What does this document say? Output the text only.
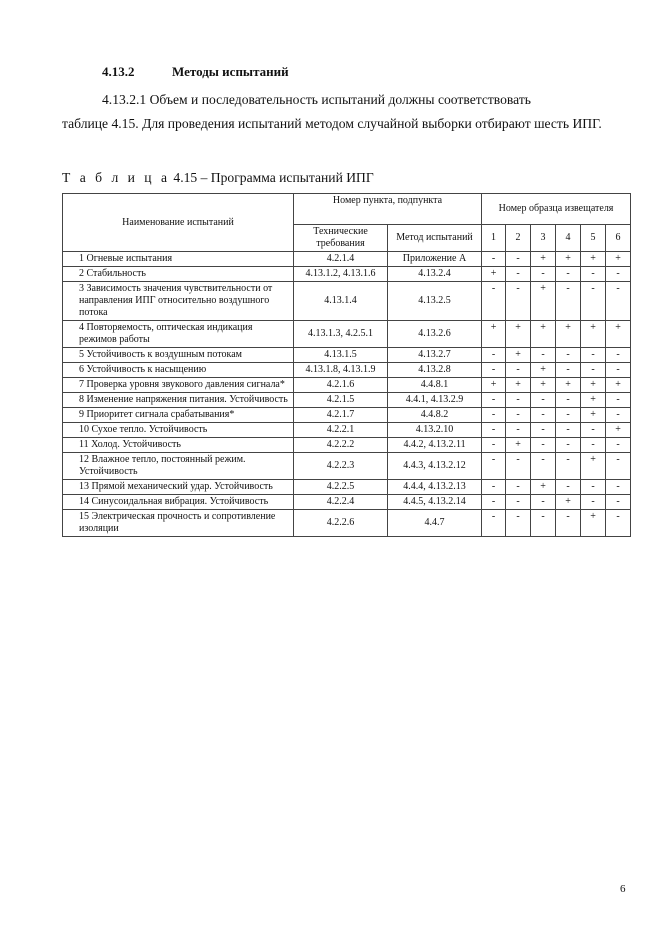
4.13.2	Методы испытаний
4.13.2.1 Объем и последовательность испытаний должны соответствовать
таблице 4.15. Для проведения испытаний методом случайной выборки отбирают шесть ИПГ.
Т а б л и ц а 4.15 – Программа испытаний ИПГ
Наименование испытаний	Номер пункта, подпункта		Номер образца извещателя					
	Технические требования	Метод испытаний	1	2	3	4	5	6
1 Огневые испытания	4.2.1.4	Приложение А	-	-	+	+	+	+
2 Стабильность	4.13.1.2, 4.13.1.6	4.13.2.4	+	-	-	-	-	-
3 Зависимость значения чувствительности от направления ИПГ относительно воздушного потока	4.13.1.4	4.13.2.5	-	-	+	-	-	-
4 Повторяемость, оптическая индикация режимов работы	4.13.1.3, 4.2.5.1	4.13.2.6	+	+	+	+	+	+
5 Устойчивость к воздушным потокам	4.13.1.5	4.13.2.7	-	+	-	-	-	-
6 Устойчивость к насыщению	4.13.1.8, 4.13.1.9	4.13.2.8	-	-	+	-	-	-
7 Проверка уровня звукового давления сигнала*	4.2.1.6	4.4.8.1	+	+	+	+	+	+
8 Изменение напряжения питания. Устойчивость	4.2.1.5	4.4.1, 4.13.2.9	-	-	-	-	+	-
9 Приоритет сигнала срабатывания*	4.2.1.7	4.4.8.2	-	-	-	-	+	-
10 Сухое тепло. Устойчивость	4.2.2.1	4.13.2.10	-	-	-	-	-	+
11 Холод. Устойчивость	4.2.2.2	4.4.2, 4.13.2.11	-	+	-	-	-	-
12 Влажное тепло, постоянный режим. Устойчивость	4.2.2.3	4.4.3, 4.13.2.12	-	-	-	-	+	-
13 Прямой механический удар. Устойчивость	4.2.2.5	4.4.4, 4.13.2.13	-	-	+	-	-	-
14 Синусоидальная вибрация. Устойчивость	4.2.2.4	4.4.5, 4.13.2.14	-	-	-	+	-	-
15 Электрическая прочность и сопротивление изоляции	4.2.2.6	4.4.7	-	-	-	-	+	-
6
